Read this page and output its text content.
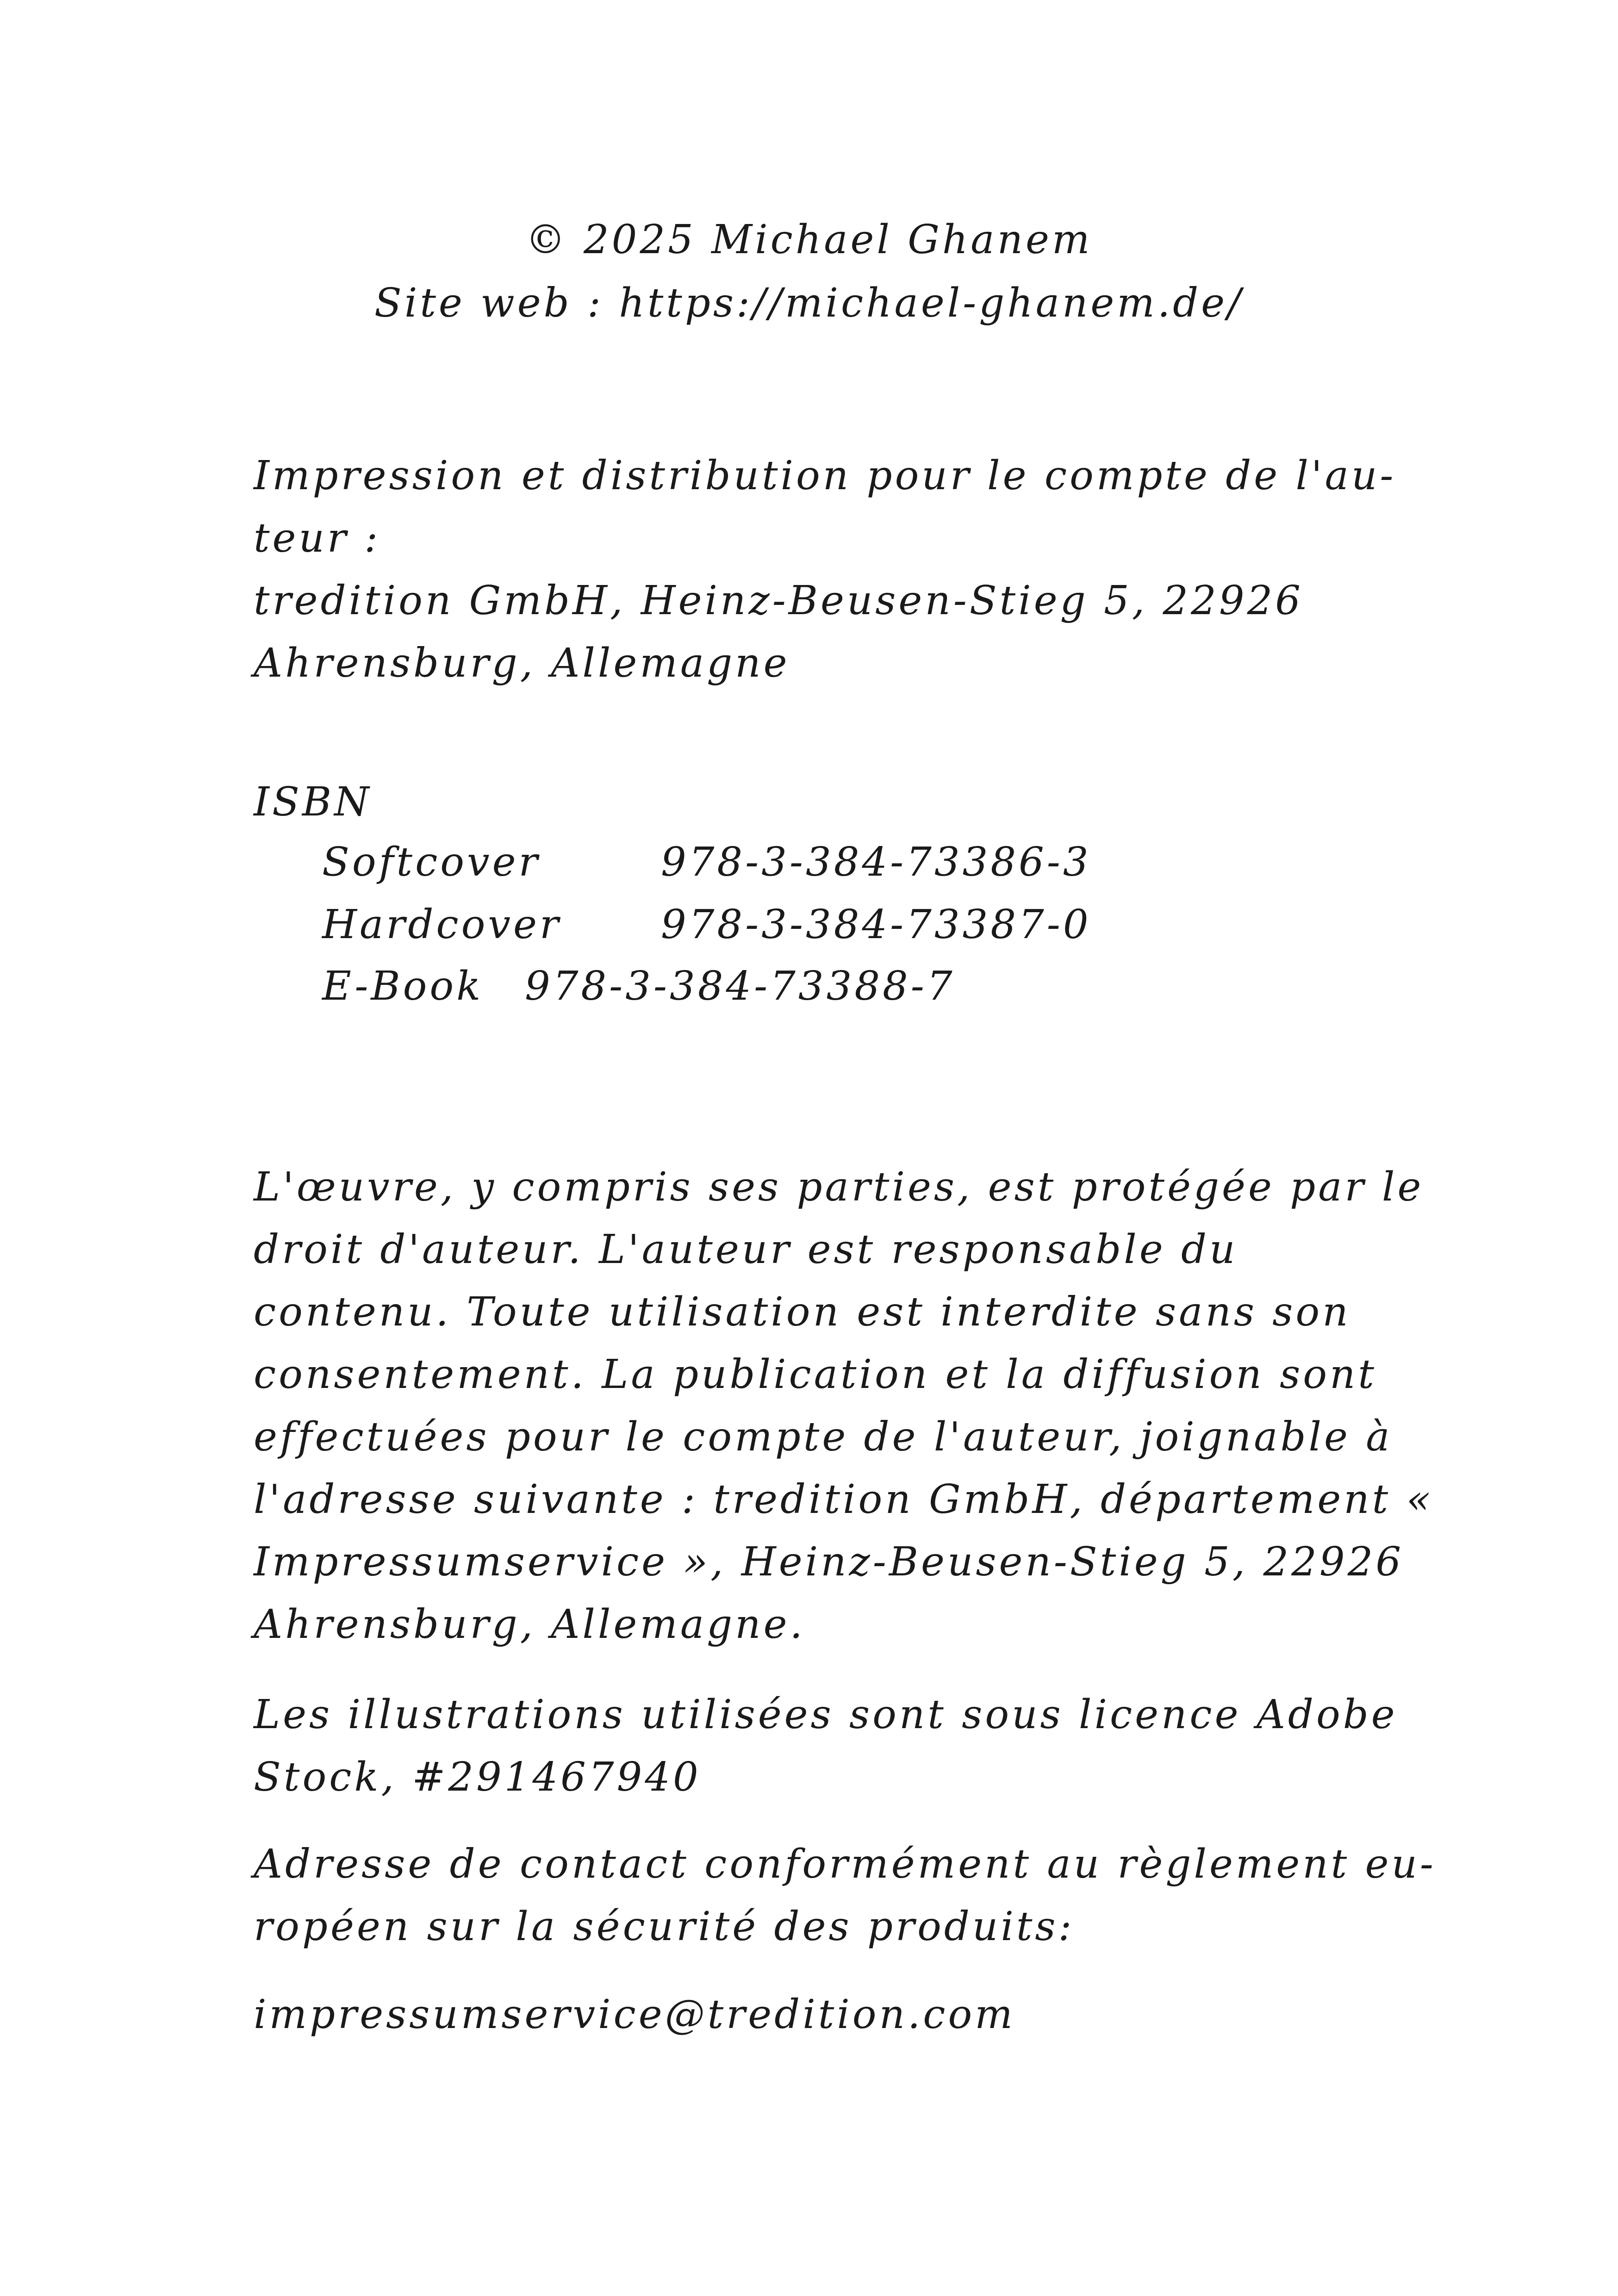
© 2025 Michael Ghanem
Site web : https://michael-ghanem.de/
Impression et distribution pour le compte de l'au-
teur :
tredition GmbH, Heinz-Beusen-Stieg 5, 22926
Ahrensburg, Allemagne
ISBN
Softcover	978-3-384-73386-3
Hardcover	978-3-384-73387-0
E-Book 978-3-384-73388-7
L'œuvre, y compris ses parties, est protégée par le
droit d'auteur. L'auteur est responsable du
contenu. Toute utilisation est interdite sans son
consentement. La publication et la diffusion sont
effectuées pour le compte de l'auteur, joignable à
l'adresse suivante : tredition GmbH, département «
Impressumservice », Heinz-Beusen-Stieg 5, 22926
Ahrensburg, Allemagne.
Les illustrations utilisées sont sous licence Adobe
Stock, #291467940
Adresse de contact conformément au règlement eu-
ropéen sur la sécurité des produits:
impressumservice@tredition.com
